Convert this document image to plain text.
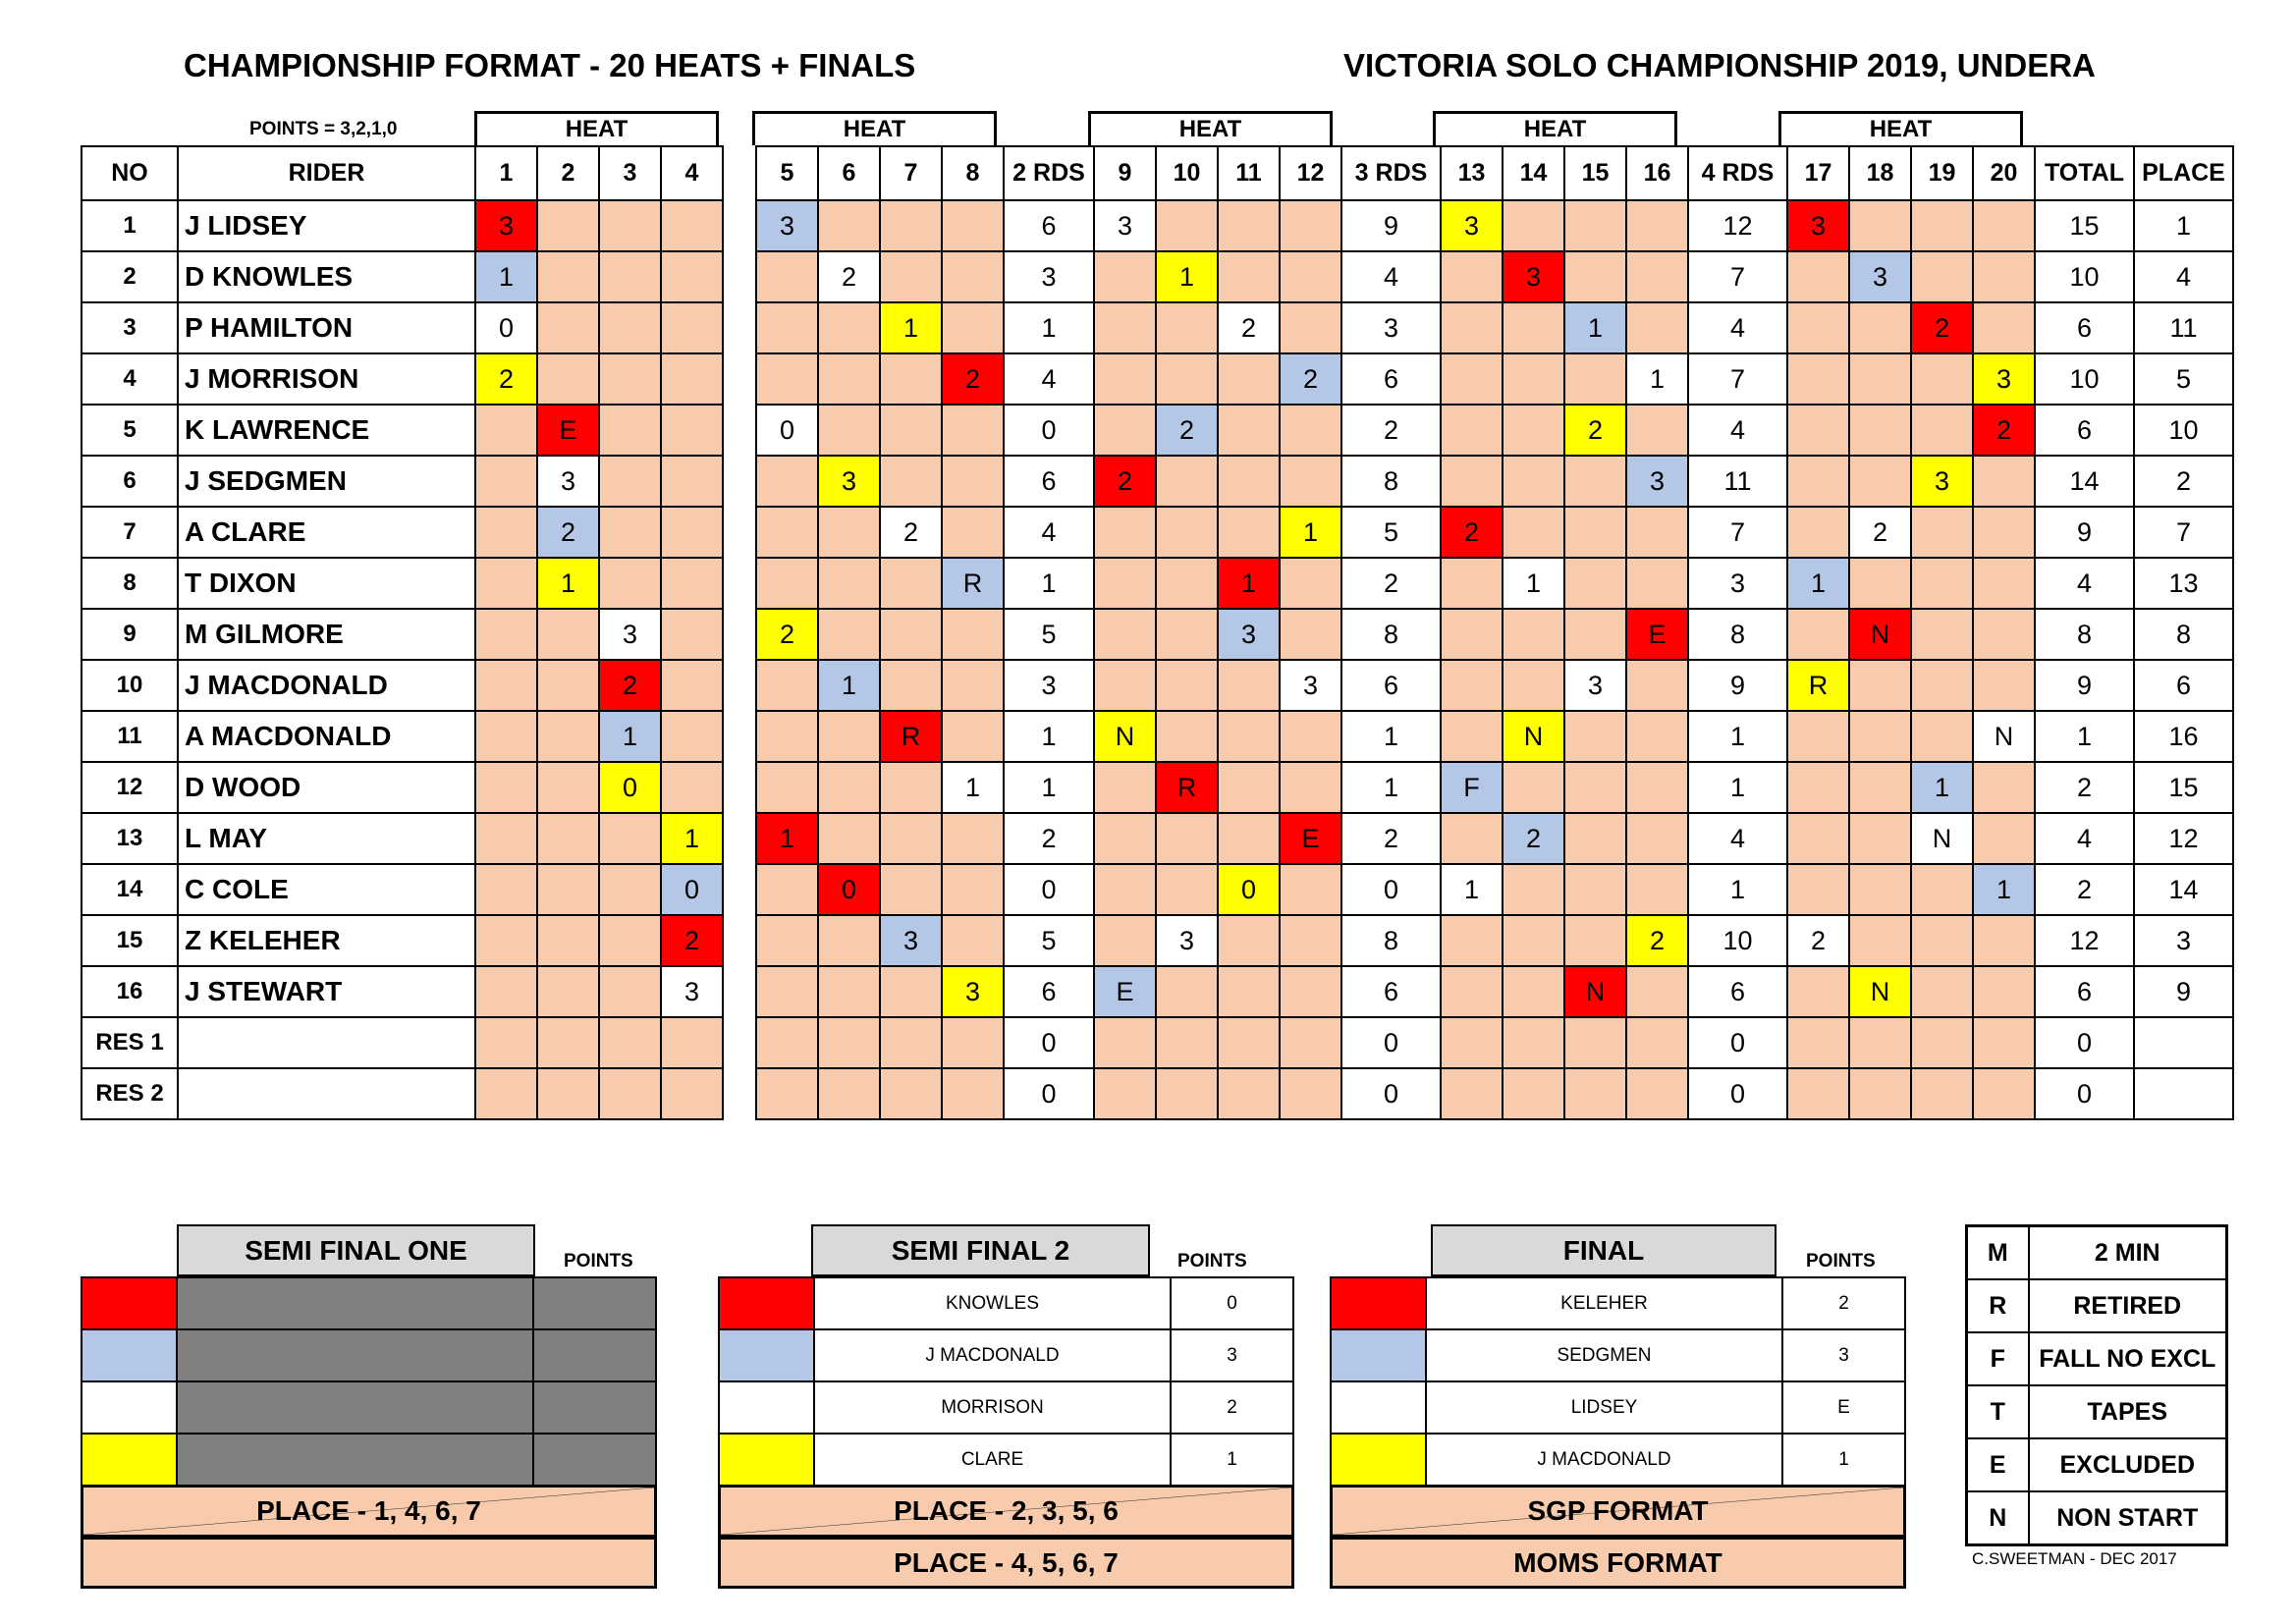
CHAMPIONSHIP FORMAT - 20 HEATS + FINALS	VICTORIA SOLO CHAMPIONSHIP 2019, UNDERA
POINTS = 3,2,1,0	HEAT	HEAT	HEAT	HEAT	HEAT
NO	RIDER	1	2	3	4		5	6	7	8	2 RDS	9	10	11	12	3 RDS	13	14	15	16	4 RDS	17	18	19	20	TOTAL	PLACE
1	J LIDSEY	3					3				6	3				9	3				12	3				15	1
2	D KNOWLES	1						2			3		1			4		3			7		3			10	4
3	P HAMILTON	0							1		1			2		3			1		4			2		6	11
4	J MORRISON	2								2	4				2	6				1	7				3	10	5
5	K LAWRENCE		E				0				0		2			2			2		4				2	6	10
6	J SEDGMEN		3					3			6	2				8				3	11			3		14	2
7	A CLARE		2						2		4				1	5	2				7		2			9	7
8	T DIXON		1							R	1			1		2		1			3	1				4	13
9	M GILMORE			3			2				5			3		8				E	8		N			8	8
10	J MACDONALD			2				1			3				3	6			3		9	R				9	6
11	A MACDONALD			1					R		1	N				1		N			1				N	1	16
12	D WOOD			0						1	1		R			1	F				1			1		2	15
13	L MAY				1		1				2				E	2		2			4			N		4	12
14	C COLE				0			0			0			0		0	1				1				1	2	14
15	Z KELEHER				2				3		5		3			8				2	10	2				12	3
16	J STEWART				3					3	6	E				6			N		6		N			6	9
RES 1											0					0					0					0	
RES 2											0					0					0					0	
SEMI FINAL ONE	POINTS

PLACE - 1, 4, 6, 7
SEMI FINAL 2	POINTS
	KNOWLES	0
	J MACDONALD	3
	MORRISON	2
	CLARE	1
PLACE - 2, 3, 5, 6
PLACE - 4, 5, 6, 7
FINAL	POINTS
	KELEHER	2
	SEDGMEN	3
	LIDSEY	E
	J MACDONALD	1
SGP FORMAT
MOMS FORMAT
M	2 MIN
R	RETIRED
F	FALL NO EXCL
T	TAPES
E	EXCLUDED
N	NON START
C.SWEETMAN - DEC 2017
